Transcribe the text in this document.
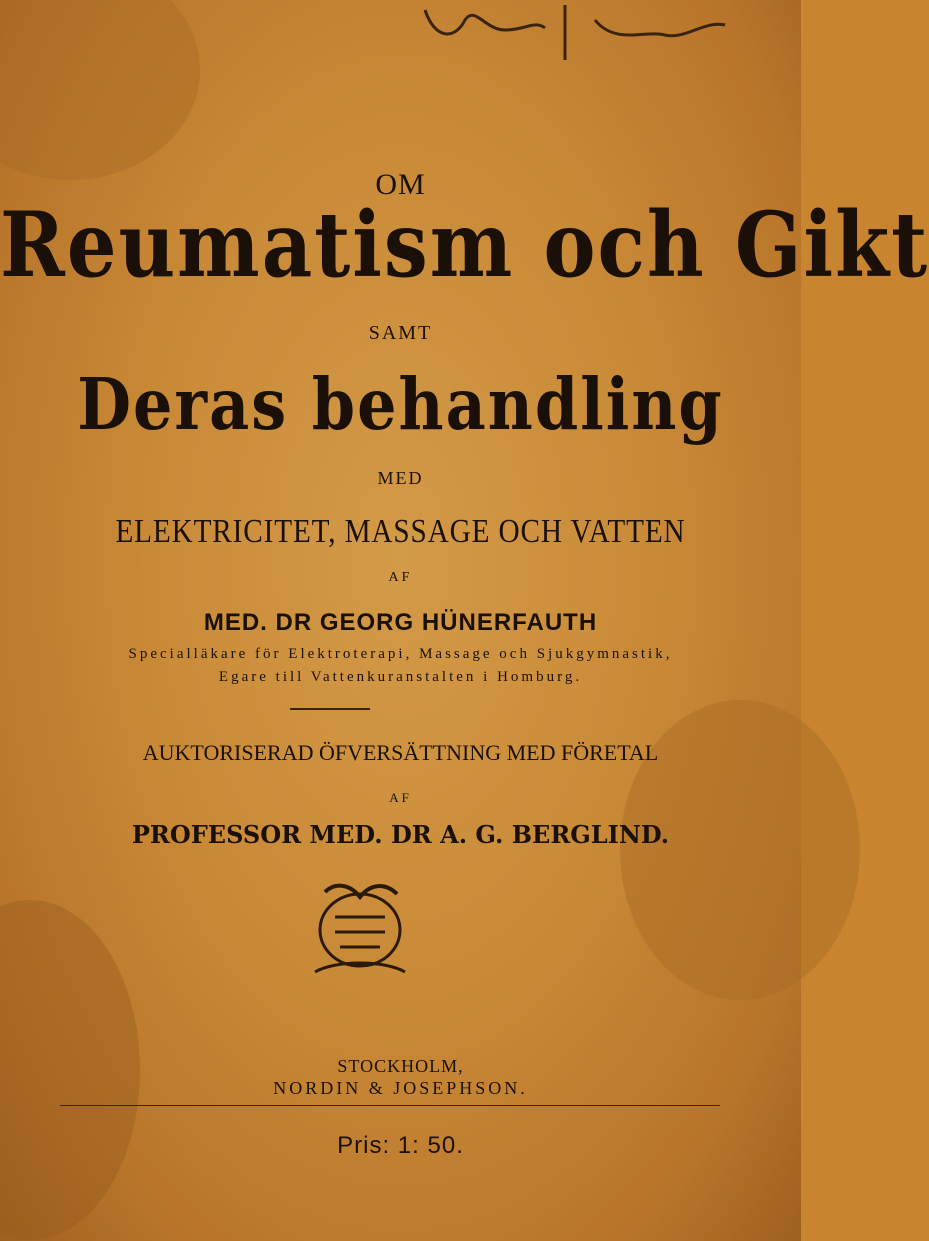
OM
Reumatism och Gikt
SAMT
Deras behandling
MED
ELEKTRICITET, MASSAGE OCH VATTEN
AF
MED. DR GEORG HÜNERFAUTH
Specialläkare för Elektroterapi, Massage och Sjukgymnastik,
Egare till Vattenkuranstalten i Homburg.
AUKTORISERAD ÖFVERSÄTTNING MED FÖRETAL
AF
PROFESSOR MED. DR A. G. BERGLIND.
STOCKHOLM,
NORDIN & JOSEPHSON.
Pris: 1: 50.
